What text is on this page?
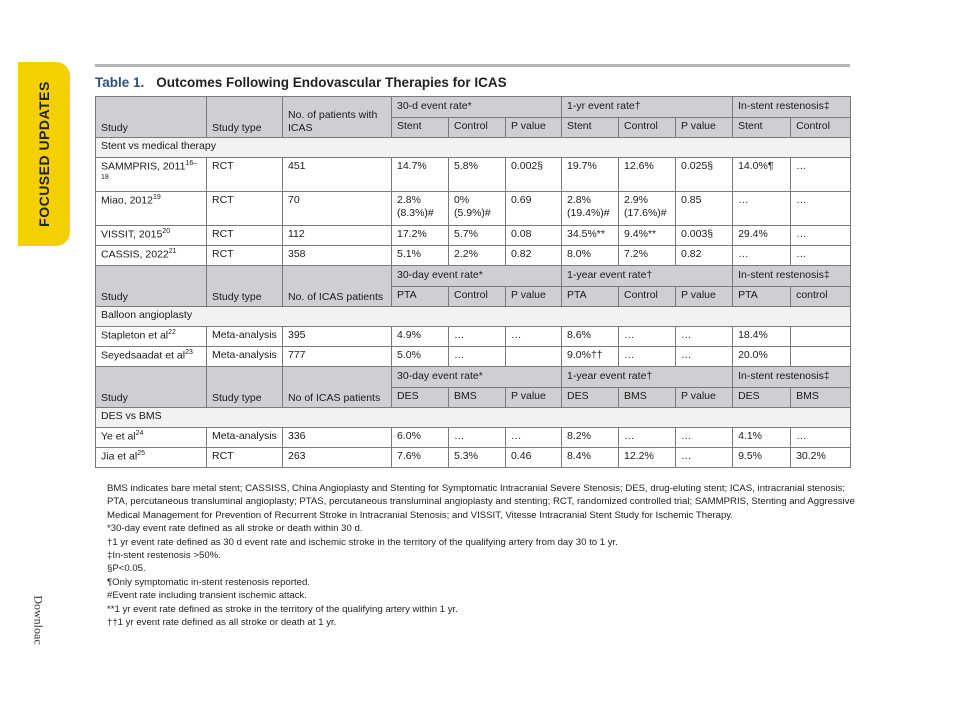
FOCUSED UPDATES
Downloac
Table 1. Outcomes Following Endovascular Therapies for ICAS
Study	Study type	No. of patients with ICAS	30-d event rate*			1-yr event rate†			In-stent restenosis‡	
			Stent	Control	P value	Stent	Control	P value	Stent	Control
Stent vs medical therapy										
SAMMPRIS, 2011$^{16-18}$	RCT	451	14.7%	5.8%	0.002§	19.7%	12.6%	0.025§	14.0%¶	…
Miao, 2012$^{19}$	RCT	70	2.8% (8.3%)#	0% (5.9%)#	0.69	2.8% (19.4%)#	2.9% (17.6%)#	0.85	…	…
VISSIT, 2015$^{20}$	RCT	112	17.2%	5.7%	0.08	34.5%**	9.4%**	0.003§	29.4%	…
CASSIS, 2022$^{21}$	RCT	358	5.1%	2.2%	0.82	8.0%	7.2%	0.82	…	…
Study	Study type	No. of ICAS patients	30-day event rate*			1-year event rate†			In-stent restenosis‡	
			PTA	Control	P value	PTA	Control	P value	PTA	control
Balloon angioplasty										
Stapleton et $al^{22}$	Meta-analysis	395	4.9%	…	…	8.6%	…	…	18.4%	
Seyedsaadat et $al^{23}$	Meta-analysis	777	5.0%	…		9.0%††	…	…	20.0%	
Study	Study type	No of ICAS patients	30-day event rate*			1-year event rate†			In-stent restenosis‡	
			DES	BMS	P value	DES	BMS	P value	DES	BMS
DES vs BMS										
Ye et $al^{24}$	Meta-analysis	336	6.0%	…	…	8.2%	…	…	4.1%	…
Jia et $al^{25}$	RCT	263	7.6%	5.3%	0.46	8.4%	12.2%	…	9.5%	30.2%

BMS indicates bare metal stent; CASSISS, China Angioplasty and Stenting for Symptomatic Intracranial Severe Stenosis; DES, drug-eluting stent; ICAS, intracranial stenosis; PTA, percutaneous transluminal angioplasty; PTAS, percutaneous transluminal angioplasty and stenting; RCT, randomized controlled trial; SAMMPRIS, Stenting and Aggressive Medical Management for Prevention of Recurrent Stroke in Intracranial Stenosis; and VISSIT, Vitesse Intracranial Stent Study for Ischemic Therapy.

*30-day event rate defined as all stroke or death within 30 d.

†1 yr event rate defined as 30 d event rate and ischemic stroke in the territory of the qualifying artery from day 30 to 1 yr.

‡In-stent restenosis >50%.

§P<0.05.

¶Only symptomatic in-stent restenosis reported.

#Event rate including transient ischemic attack.

**1 yr event rate defined as stroke in the territory of the qualifying artery within 1 yr.

††1 yr event rate defined as all stroke or death at 1 yr.
